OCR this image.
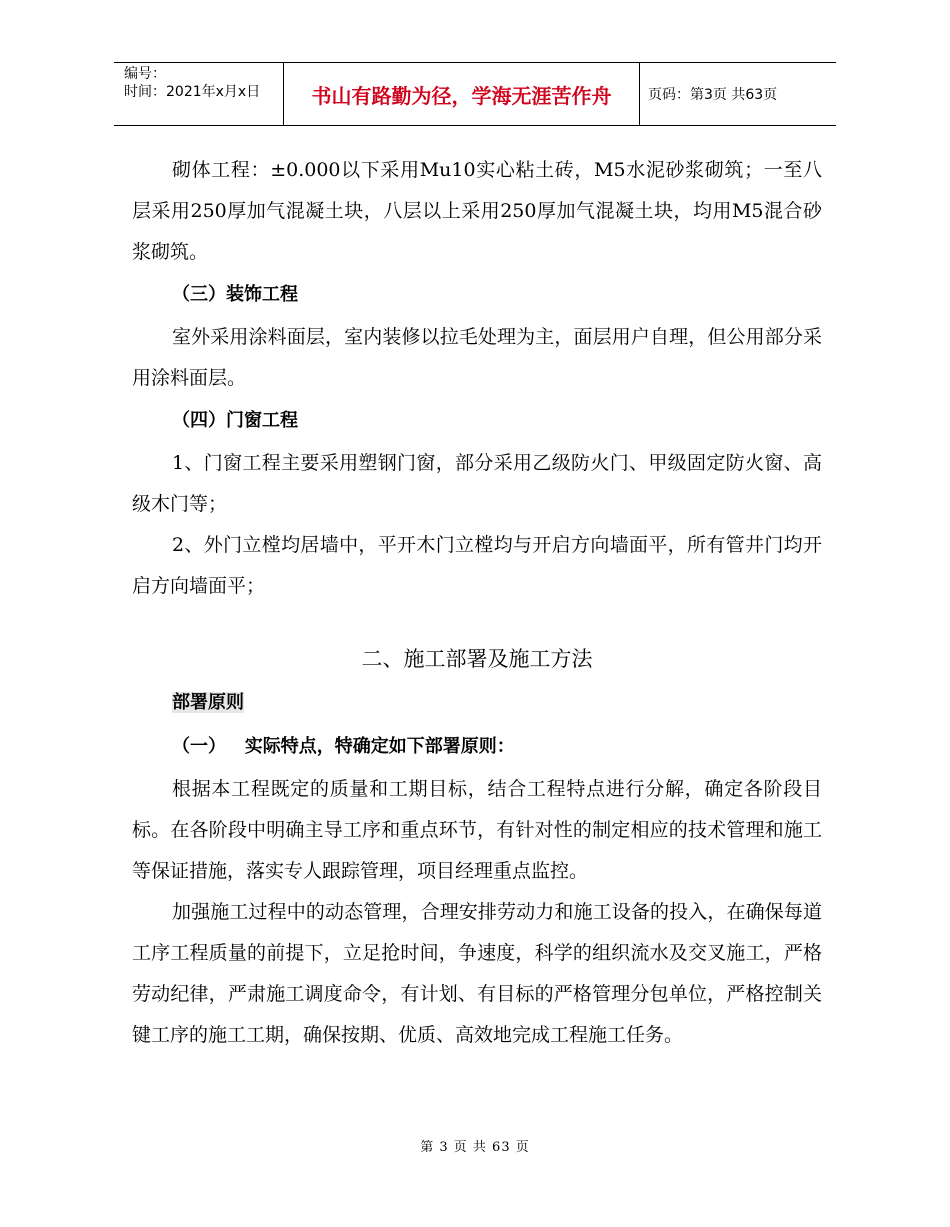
编号：
时间：2021年x月x日	书山有路勤为径，学海无涯苦作舟	页码：第3页 共63页

砌体工程：±0.000以下采用Mu10实心粘土砖，M5水泥砂浆砌筑；一至八层采用250厚加气混凝土块，八层以上采用250厚加气混凝土块，均用M5混合砂浆砌筑。

（三）装饰工程

室外采用涂料面层，室内装修以拉毛处理为主，面层用户自理，但公用部分采用涂料面层。

（四）门窗工程

1、门窗工程主要采用塑钢门窗，部分采用乙级防火门、甲级固定防火窗、高级木门等；

2、外门立樘均居墙中，平开木门立樘均与开启方向墙面平，所有管井门均开启方向墙面平；

二、施工部署及施工方法

部署原则

（一）   实际特点，特确定如下部署原则：

根据本工程既定的质量和工期目标，结合工程特点进行分解，确定各阶段目标。在各阶段中明确主导工序和重点环节，有针对性的制定相应的技术管理和施工等保证措施，落实专人跟踪管理，项目经理重点监控。

加强施工过程中的动态管理，合理安排劳动力和施工设备的投入，在确保每道工序工程质量的前提下，立足抢时间，争速度，科学的组织流水及交叉施工，严格劳动纪律，严肃施工调度命令，有计划、有目标的严格管理分包单位，严格控制关键工序的施工工期，确保按期、优质、高效地完成工程施工任务。

第 3 页 共 63 页
